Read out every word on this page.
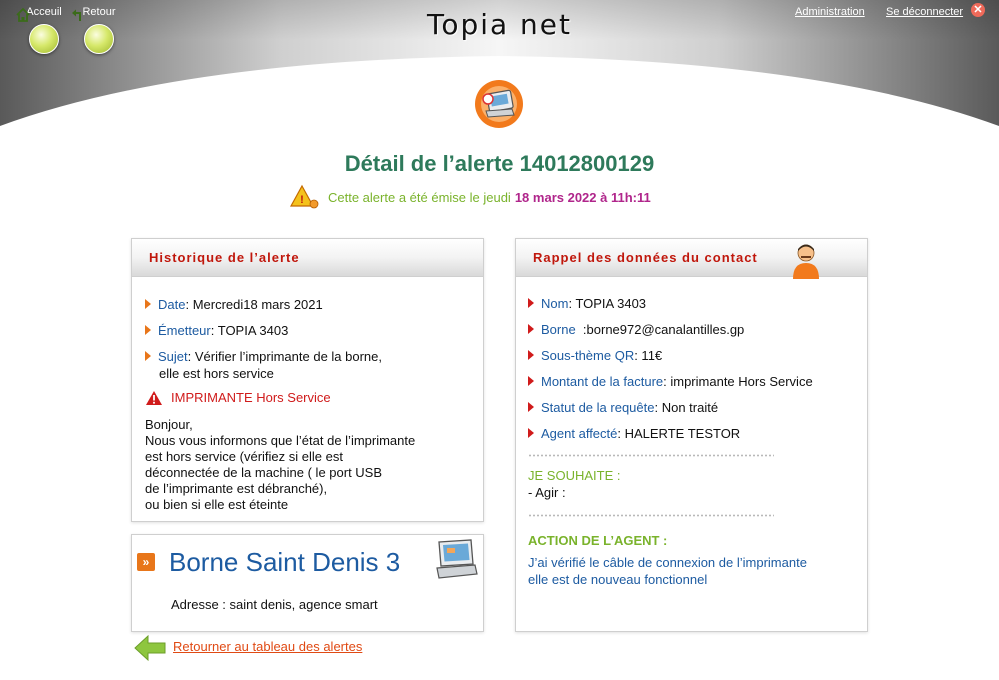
Acceuil	Retour	Topia net	Administration Se déconnecter ✕
Détail de l’alerte 14012800129
! Cette alerte a été émise le jeudi 18 mars 2022 à 11h:11
Historique de l’alerte
Date : Mercredi18 mars 2021
Émetteur : TOPIA 3403
Sujet : Vérifier l’imprimante de la borne,
elle est hors service
IMPRIMANTE Hors Service
Bonjour,
Nous vous informons que l’état de l’imprimante
est hors service (vérifiez si elle est
déconnectée de la machine ( le port USB
de l’imprimante est débranché),
ou bien si elle est éteinte
» Borne Saint Denis 3
Adresse : saint denis, agence smart
Retourner au tableau des alertes
Rappel des données du contact
Nom : TOPIA 3403
Borne :borne972@canalantilles.gp
Sous-thème QR : 11€
Montant de la facture : imprimante Hors Service
Statut de la requête : Non traité
Agent affecté : HALERTE TESTOR
JE SOUHAITE :
- Agir :
ACTION DE L’AGENT :
J’ai vérifié le câble de connexion de l’imprimante
elle est de nouveau fonctionnel
